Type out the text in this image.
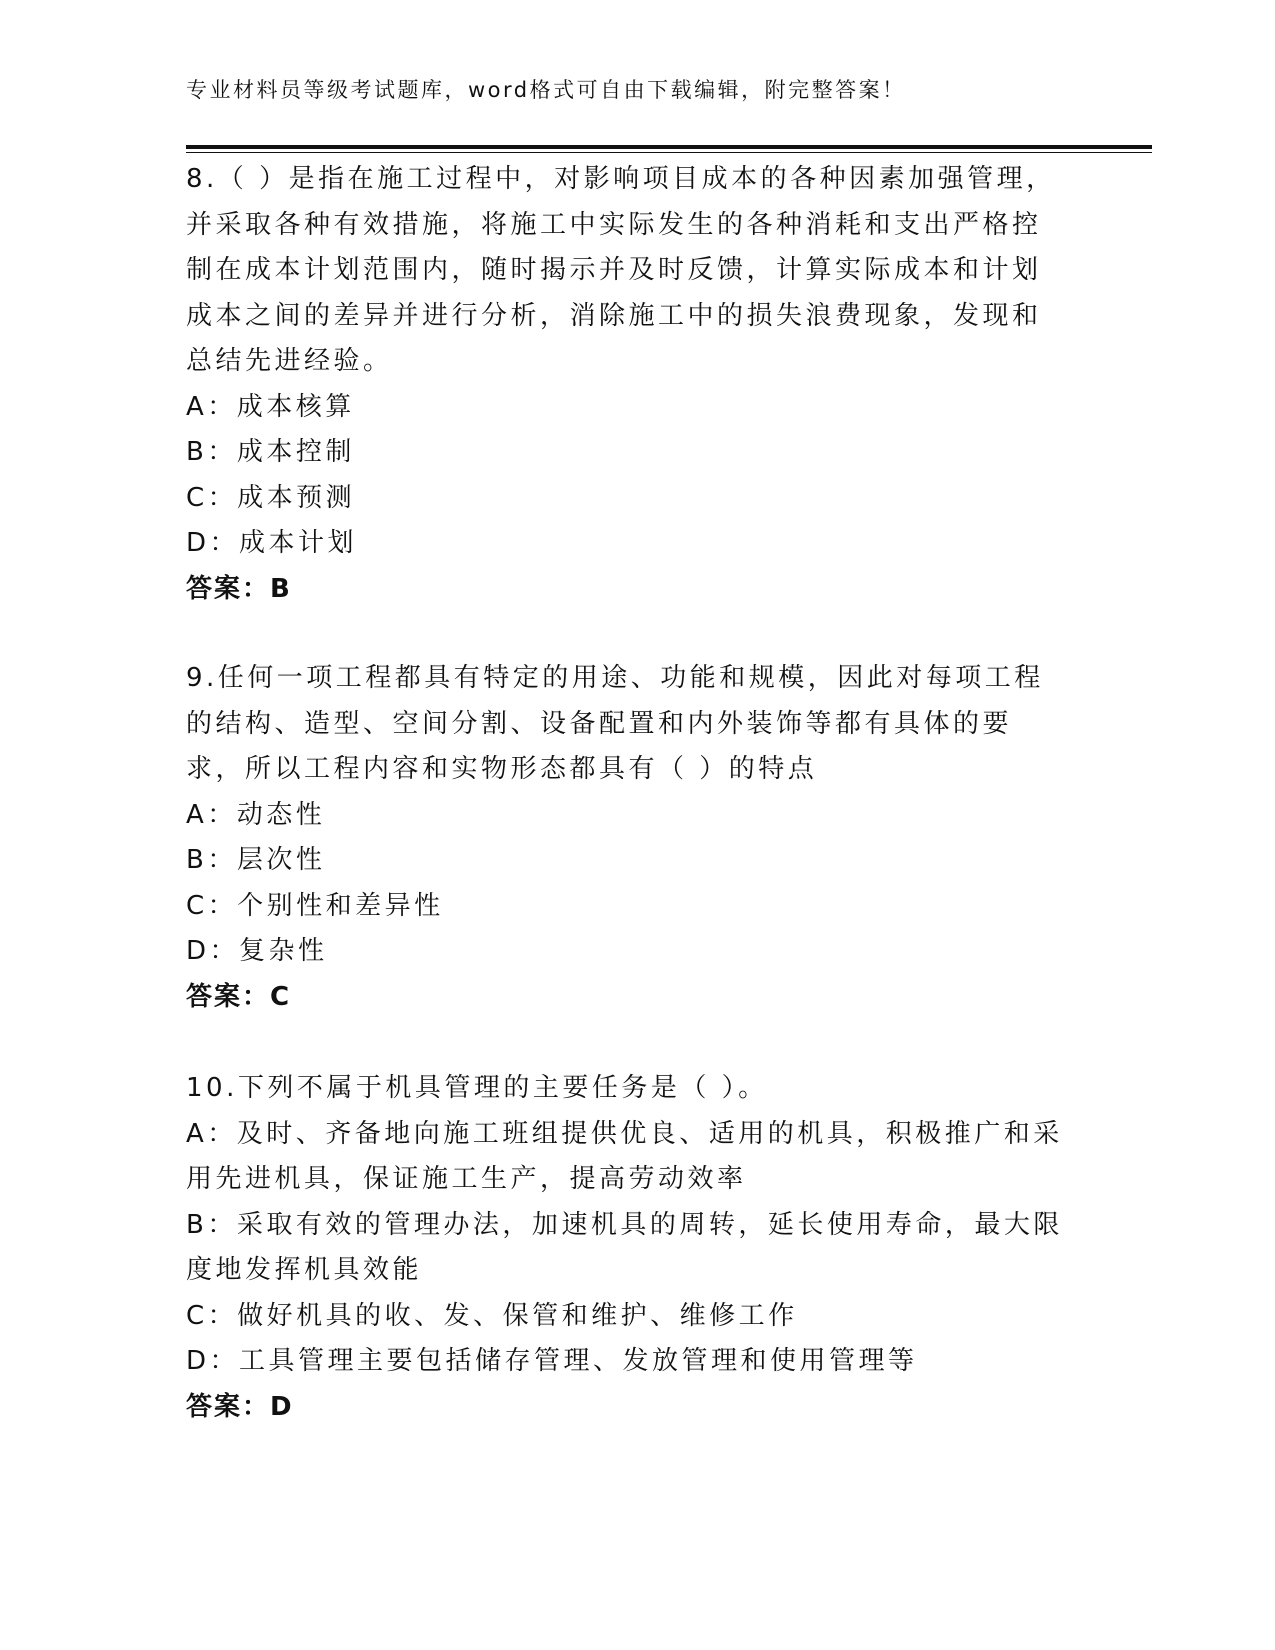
专业材料员等级考试题库，word格式可自由下载编辑，附完整答案！

8.（ ）是指在施工过程中，对影响项目成本的各种因素加强管理，并采取各种有效措施，将施工中实际发生的各种消耗和支出严格控制在成本计划范围内，随时揭示并及时反馈，计算实际成本和计划成本之间的差异并进行分析，消除施工中的损失浪费现象，发现和总结先进经验。

A：成本核算

B：成本控制

C：成本预测

D：成本计划

答案：B

9.任何一项工程都具有特定的用途、功能和规模，因此对每项工程的结构、造型、空间分割、设备配置和内外装饰等都有具体的要求，所以工程内容和实物形态都具有（ ）的特点

A：动态性

B：层次性

C：个别性和差异性

D：复杂性

答案：C

10.下列不属于机具管理的主要任务是（ ）。

A：及时、齐备地向施工班组提供优良、适用的机具，积极推广和采用先进机具，保证施工生产，提高劳动效率

B：采取有效的管理办法，加速机具的周转，延长使用寿命，最大限度地发挥机具效能

C：做好机具的收、发、保管和维护、维修工作

D：工具管理主要包括储存管理、发放管理和使用管理等

答案：D
